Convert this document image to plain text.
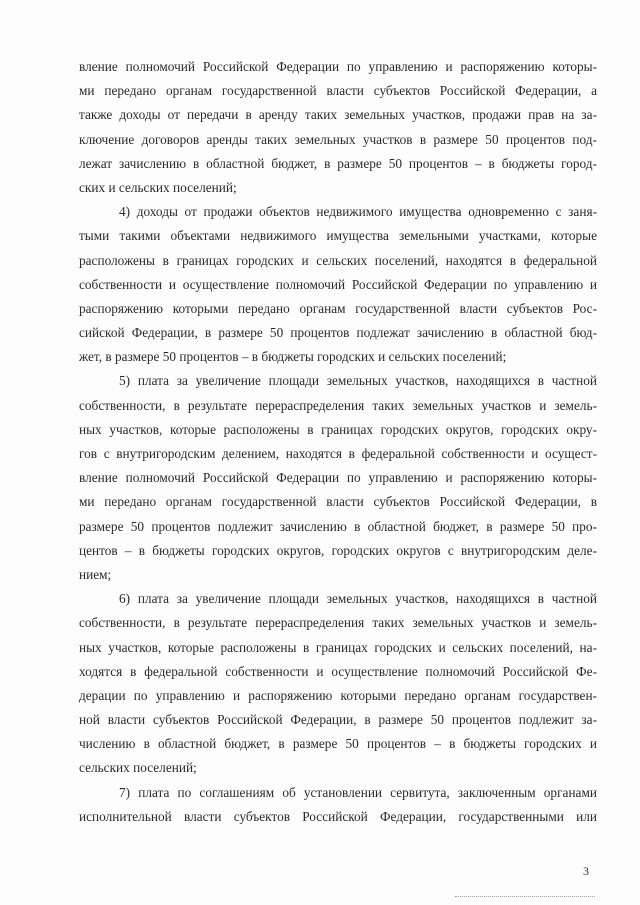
вление полномочий Российской Федерации по управлению и распоряжению которы-
ми передано органам государственной власти субъектов Российской Федерации, а
также доходы от передачи в аренду таких земельных участков, продажи прав на за-
ключение договоров аренды таких земельных участков в размере 50 процентов под-
лежат зачислению в областной бюджет, в размере 50 процентов – в бюджеты город-
ских и сельских поселений;
4) доходы от продажи объектов недвижимого имущества одновременно с заня-
тыми такими объектами недвижимого имущества земельными участками, которые
расположены в границах городских и сельских поселений, находятся в федеральной
собственности и осуществление полномочий Российской Федерации по управлению и
распоряжению которыми передано органам государственной власти субъектов Рос-
сийской Федерации, в размере 50 процентов подлежат зачислению в областной бюд-
жет, в размере 50 процентов – в бюджеты городских и сельских поселений;
5) плата за увеличение площади земельных участков, находящихся в частной
собственности, в результате перераспределения таких земельных участков и земель-
ных участков, которые расположены в границах городских округов, городских окру-
гов с внутригородским делением, находятся в федеральной собственности и осущест-
вление полномочий Российской Федерации по управлению и распоряжению которы-
ми передано органам государственной власти субъектов Российской Федерации, в
размере 50 процентов подлежит зачислению в областной бюджет, в размере 50 про-
центов – в бюджеты городских округов, городских округов с внутригородским деле-
нием;
6) плата за увеличение площади земельных участков, находящихся в частной
собственности, в результате перераспределения таких земельных участков и земель-
ных участков, которые расположены в границах городских и сельских поселений, на-
ходятся в федеральной собственности и осуществление полномочий Российской Фе-
дерации по управлению и распоряжению которыми передано органам государствен-
ной власти субъектов Российской Федерации, в размере 50 процентов подлежит за-
числению в областной бюджет, в размере 50 процентов – в бюджеты городских и
сельских поселений;
7) плата по соглашениям об установлении сервитута, заключенным органами
исполнительной власти субъектов Российской Федерации, государственными или
3
